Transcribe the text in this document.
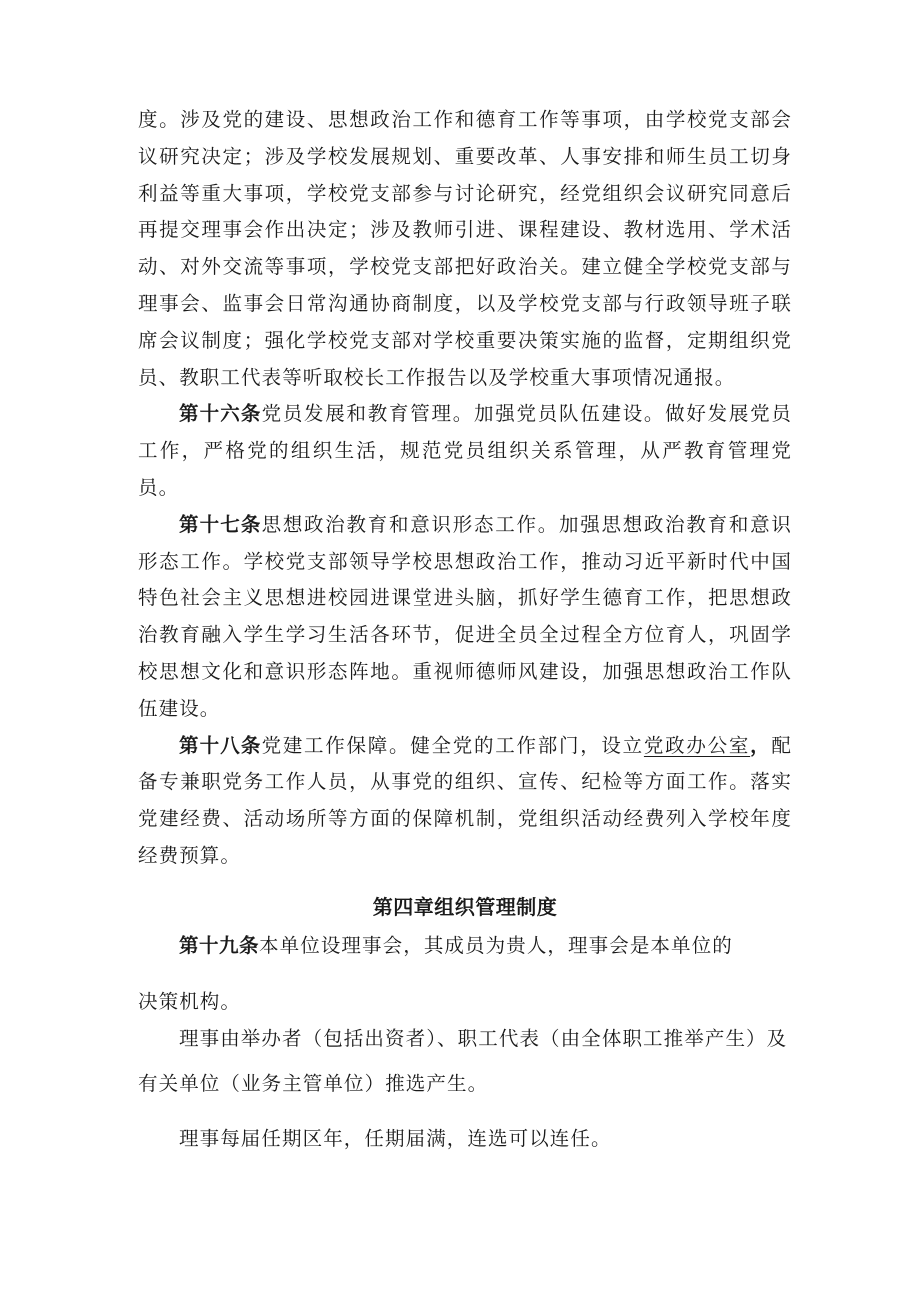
度。涉及党的建设、思想政治工作和德育工作等事项，由学校党支部会议研究决定；涉及学校发展规划、重要改革、人事安排和师生员工切身利益等重大事项，学校党支部参与讨论研究，经党组织会议研究同意后再提交理事会作出决定；涉及教师引进、课程建设、教材选用、学术活动、对外交流等事项，学校党支部把好政治关。建立健全学校党支部与理事会、监事会日常沟通协商制度，以及学校党支部与行政领导班子联席会议制度；强化学校党支部对学校重要决策实施的监督，定期组织党员、教职工代表等听取校长工作报告以及学校重大事项情况通报。

第十六条党员发展和教育管理。加强党员队伍建设。做好发展党员工作，严格党的组织生活，规范党员组织关系管理，从严教育管理党员。

第十七条思想政治教育和意识形态工作。加强思想政治教育和意识形态工作。学校党支部领导学校思想政治工作，推动习近平新时代中国特色社会主义思想进校园进课堂进头脑，抓好学生德育工作，把思想政治教育融入学生学习生活各环节，促进全员全过程全方位育人，巩固学校思想文化和意识形态阵地。重视师德师风建设，加强思想政治工作队伍建设。

第十八条党建工作保障。健全党的工作部门，设立党政办公室，配备专兼职党务工作人员，从事党的组织、宣传、纪检等方面工作。落实党建经费、活动场所等方面的保障机制，党组织活动经费列入学校年度经费预算。

第四章组织管理制度

第十九条本单位设理事会，其成员为贵人，理事会是本单位的

决策机构。

理事由举办者（包括出资者）、职工代表（由全体职工推举产生）及

有关单位（业务主管单位）推选产生。

理事每届任期区年，任期届满，连选可以连任。
